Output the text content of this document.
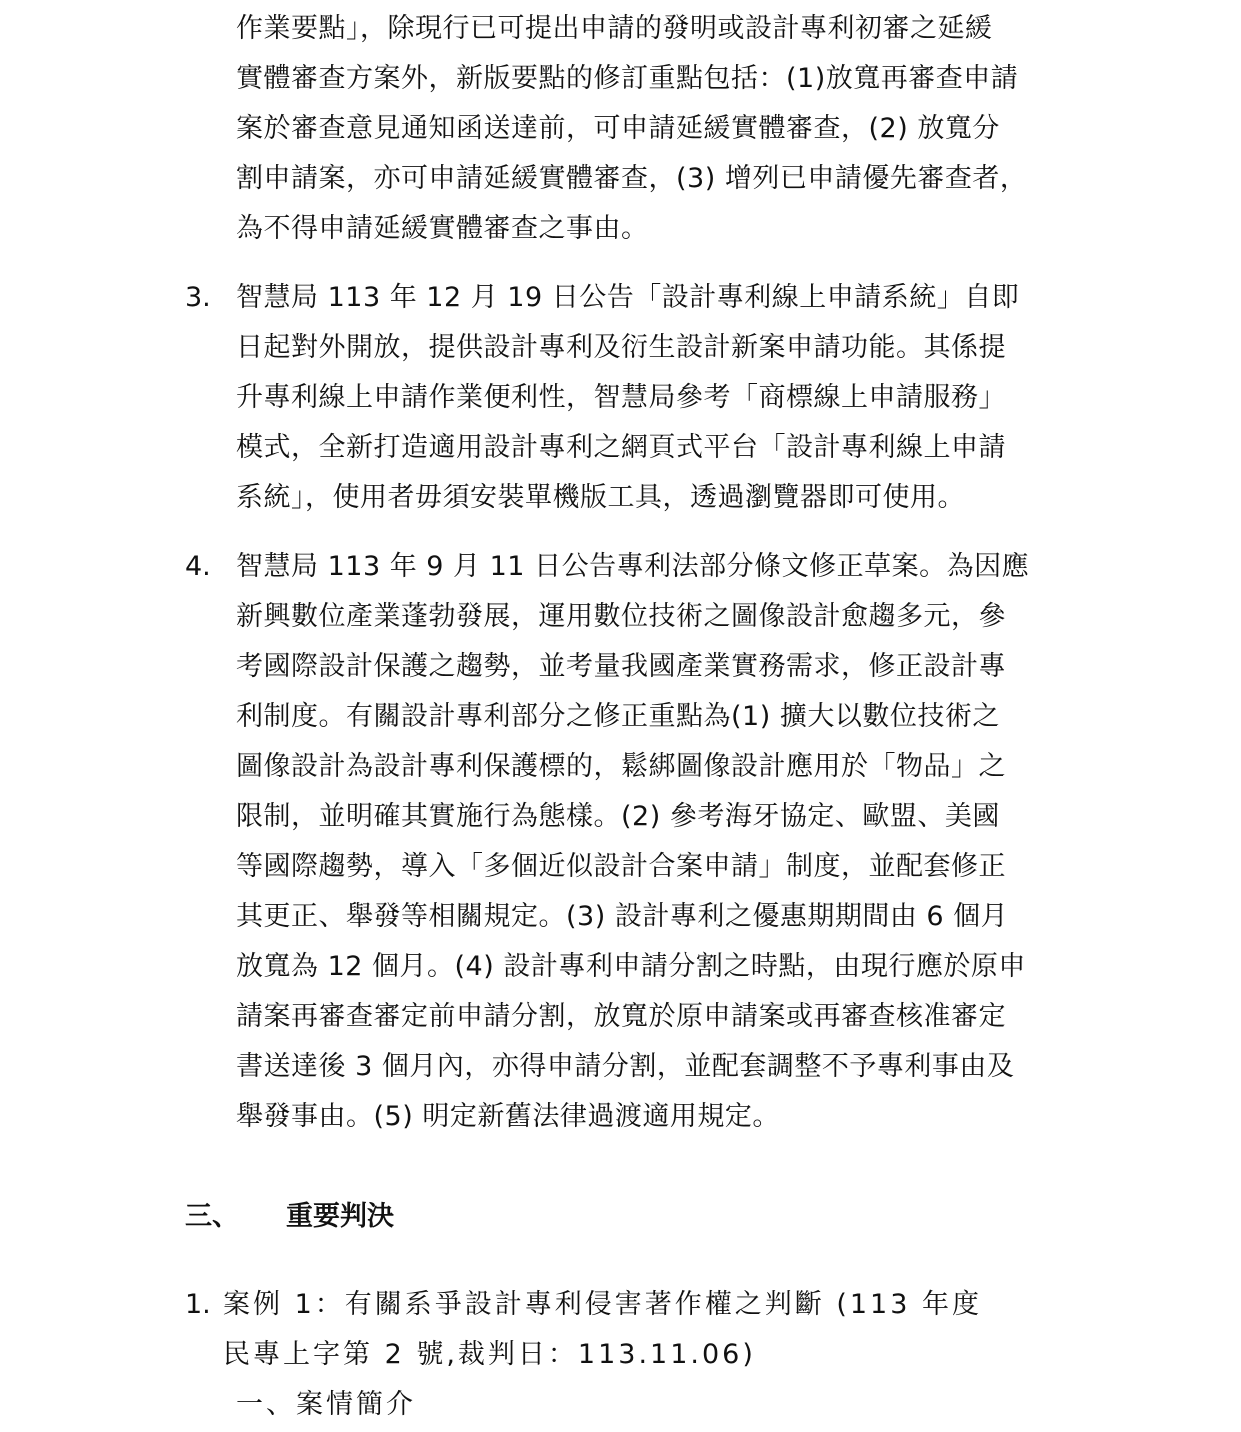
作業要點」，除現行已可提出申請的發明或設計專利初審之延緩
實體審查方案外，新版要點的修訂重點包括：(1)放寬再審查申請
案於審查意見通知函送達前，可申請延緩實體審查，(2) 放寬分
割申請案，亦可申請延緩實體審查，(3) 增列已申請優先審查者，
為不得申請延緩實體審查之事由。
3. 智慧局 113 年 12 月 19 日公告「設計專利線上申請系統」自即
日起對外開放，提供設計專利及衍生設計新案申請功能。其係提
升專利線上申請作業便利性，智慧局參考「商標線上申請服務」
模式，全新打造適用設計專利之網頁式平台「設計專利線上申請
系統」，使用者毋須安裝單機版工具，透過瀏覽器即可使用。
4. 智慧局 113 年 9 月 11 日公告專利法部分條文修正草案。為因應
新興數位產業蓬勃發展，運用數位技術之圖像設計愈趨多元，參
考國際設計保護之趨勢，並考量我國產業實務需求，修正設計專
利制度。有關設計專利部分之修正重點為(1) 擴大以數位技術之
圖像設計為設計專利保護標的，鬆綁圖像設計應用於「物品」之
限制，並明確其實施行為態樣。(2) 參考海牙協定、歐盟、美國
等國際趨勢，導入「多個近似設計合案申請」制度，並配套修正
其更正、舉發等相關規定。(3) 設計專利之優惠期期間由 6 個月
放寬為 12 個月。(4) 設計專利申請分割之時點，由現行應於原申
請案再審查審定前申請分割，放寬於原申請案或再審查核准審定
書送達後 3 個月內，亦得申請分割，並配套調整不予專利事由及
舉發事由。(5) 明定新舊法律過渡適用規定。
三、 重要判決
1. 案例 1：有關系爭設計專利侵害著作權之判斷 (113 年度
民專上字第 2 號,裁判日：113.11.06)
一、案情簡介
